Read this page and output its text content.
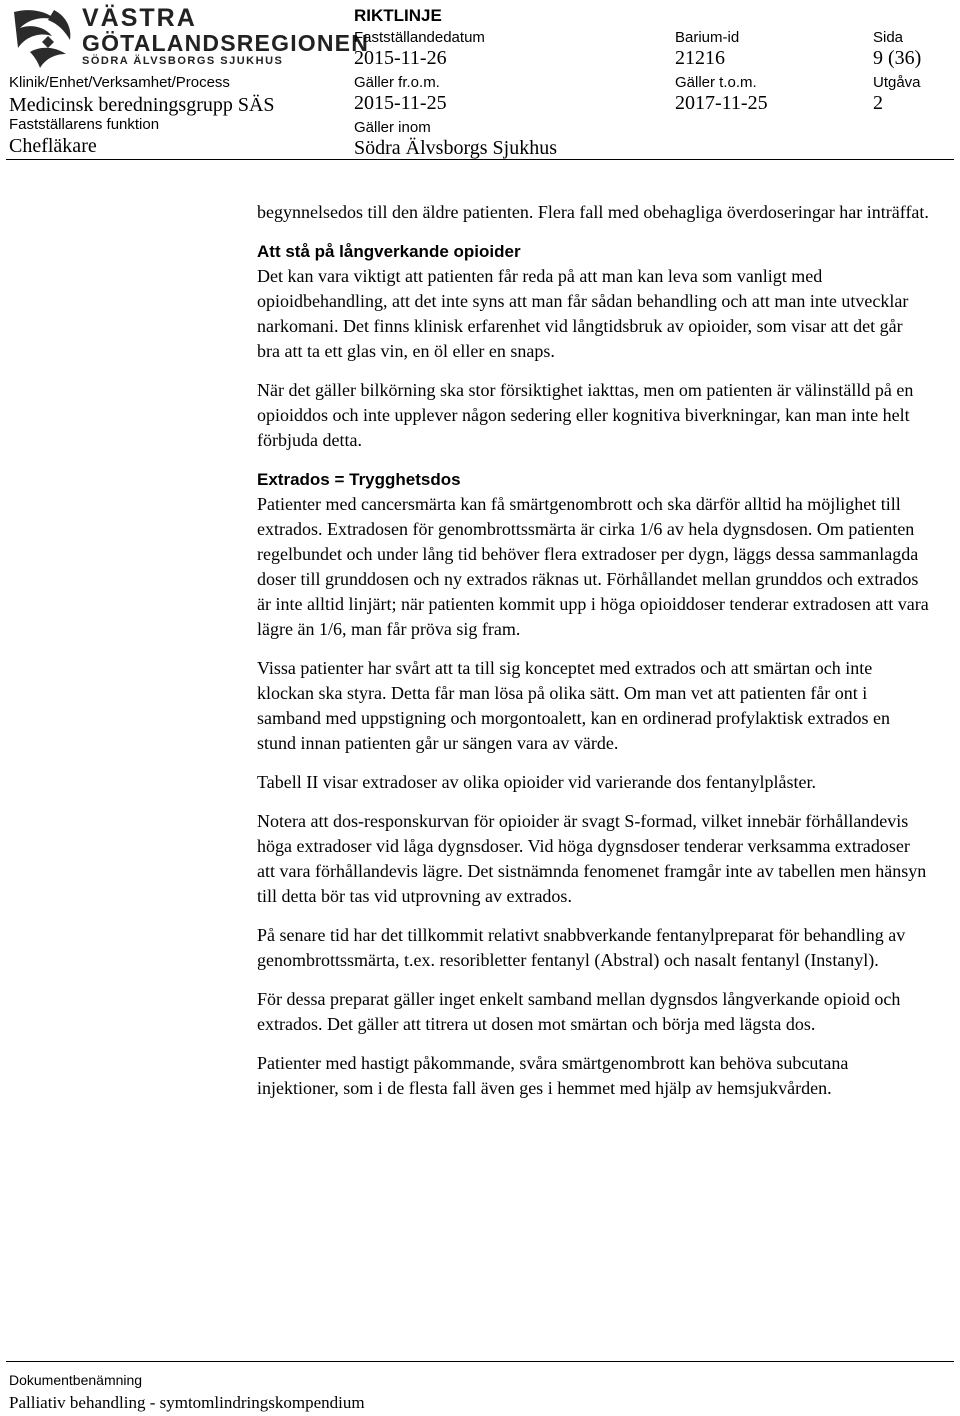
VÄSTRA
GÖTALANDSREGIONEN
SÖDRA ÄLVSBORGS SJUKHUS
RIKTLINJE
Fastställandedatum
2015-11-26
Barium-id
21216
Sida
9 (36)
Klinik/Enhet/Verksamhet/Process
Medicinsk beredningsgrupp SÄS
Gäller fr.o.m.
2015-11-25
Gäller t.o.m.
2017-11-25
Utgåva
2
Fastställarens funktion
Chefläkare
Gäller inom
Södra Älvsborgs Sjukhus

begynnelsedos till den äldre patienten. Flera fall med obehagliga överdoseringar har inträffat.

Att stå på långverkande opioider

Det kan vara viktigt att patienten får reda på att man kan leva som vanligt med opioidbehandling, att det inte syns att man får sådan behandling och att man inte utvecklar narkomani. Det finns klinisk erfarenhet vid långtidsbruk av opioider, som visar att det går bra att ta ett glas vin, en öl eller en snaps.

När det gäller bilkörning ska stor försiktighet iakttas, men om patienten är välinställd på en opioiddos och inte upplever någon sedering eller kognitiva biverkningar, kan man inte helt förbjuda detta.

Extrados = Trygghetsdos

Patienter med cancersmärta kan få smärtgenombrott och ska därför alltid ha möjlighet till extrados. Extradosen för genombrottssmärta är cirka 1/6 av hela dygnsdosen. Om patienten regelbundet och under lång tid behöver flera extradoser per dygn, läggs dessa sammanlagda doser till grunddosen och ny extrados räknas ut. Förhållandet mellan grunddos och extrados är inte alltid linjärt; när patienten kommit upp i höga opioiddoser tenderar extradosen att vara lägre än 1/6, man får pröva sig fram.

Vissa patienter har svårt att ta till sig konceptet med extrados och att smärtan och inte klockan ska styra. Detta får man lösa på olika sätt. Om man vet att patienten får ont i samband med uppstigning och morgontoalett, kan en ordinerad profylaktisk extrados en stund innan patienten går ur sängen vara av värde.

Tabell II visar extradoser av olika opioider vid varierande dos fentanylplåster.

Notera att dos-responskurvan för opioider är svagt S-formad, vilket innebär förhållandevis höga extradoser vid låga dygnsdoser. Vid höga dygnsdoser tenderar verksamma extradoser att vara förhållandevis lägre. Det sistnämnda fenomenet framgår inte av tabellen men hänsyn till detta bör tas vid utprovning av extrados.

På senare tid har det tillkommit relativt snabbverkande fentanylpreparat för behandling av genombrottssmärta, t.ex. resoribletter fentanyl (Abstral) och nasalt fentanyl (Instanyl).

För dessa preparat gäller inget enkelt samband mellan dygnsdos långverkande opioid och extrados. Det gäller att titrera ut dosen mot smärtan och börja med lägsta dos.

Patienter med hastigt påkommande, svåra smärtgenombrott kan behöva subcutana injektioner, som i de flesta fall även ges i hemmet med hjälp av hemsjukvården.

Dokumentbenämning
Palliativ behandling - symtomlindringskompendium
